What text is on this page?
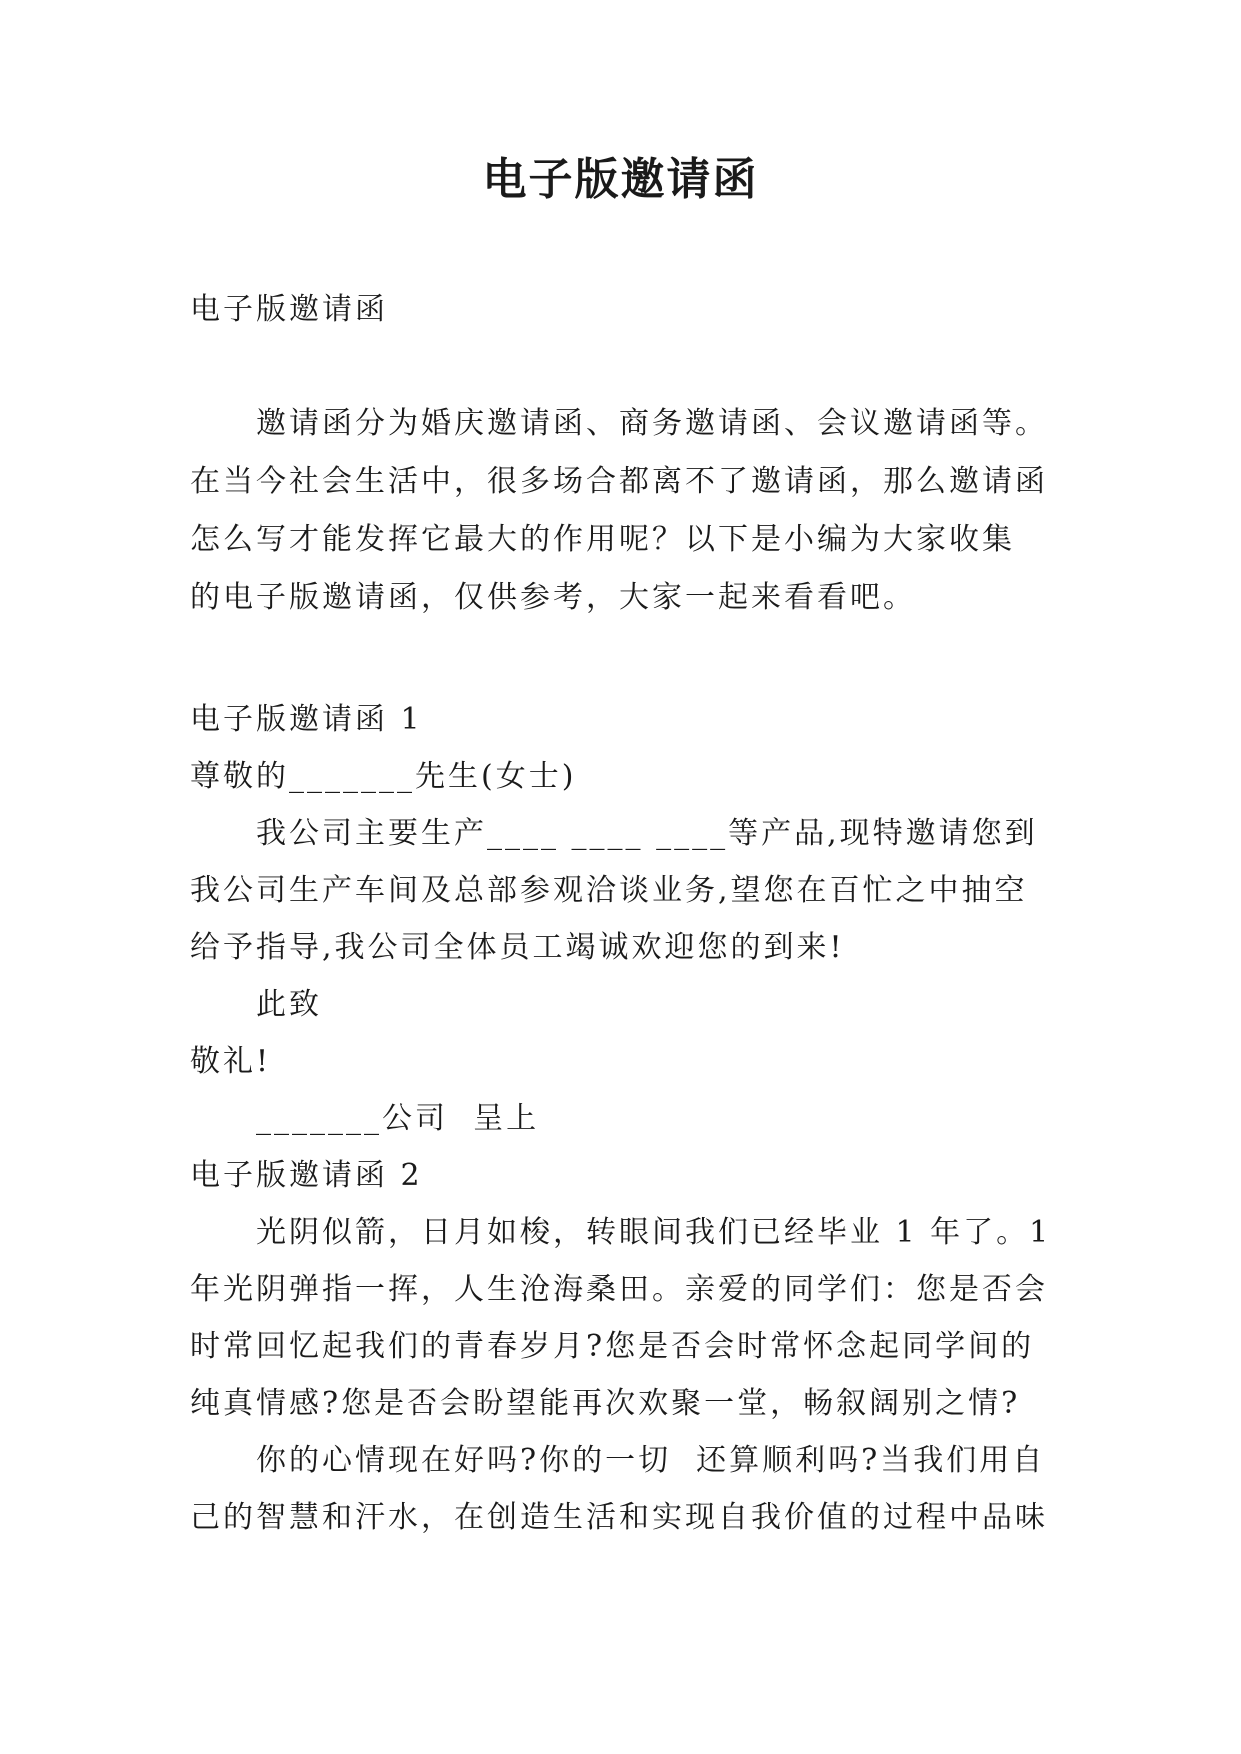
电子版邀请函
电子版邀请函
邀请函分为婚庆邀请函、商务邀请函、会议邀请函等。
在当今社会生活中，很多场合都离不了邀请函，那么邀请函
怎么写才能发挥它最大的作用呢？以下是小编为大家收集
的电子版邀请函，仅供参考，大家一起来看看吧。
电子版邀请函 1
尊敬的_______先生(女士)
我公司主要生产____ ____ ____等产品,现特邀请您到
我公司生产车间及总部参观洽谈业务,望您在百忙之中抽空
给予指导,我公司全体员工竭诚欢迎您的到来!
此致
敬礼!
_______公司  呈上
电子版邀请函 2
光阴似箭，日月如梭，转眼间我们已经毕业 1 年了。1
年光阴弹指一挥，人生沧海桑田。亲爱的同学们：您是否会
时常回忆起我们的青春岁月?您是否会时常怀念起同学间的
纯真情感?您是否会盼望能再次欢聚一堂，畅叙阔别之情?
你的心情现在好吗?你的一切  还算顺利吗?当我们用自
己的智慧和汗水，在创造生活和实现自我价值的过程中品味
